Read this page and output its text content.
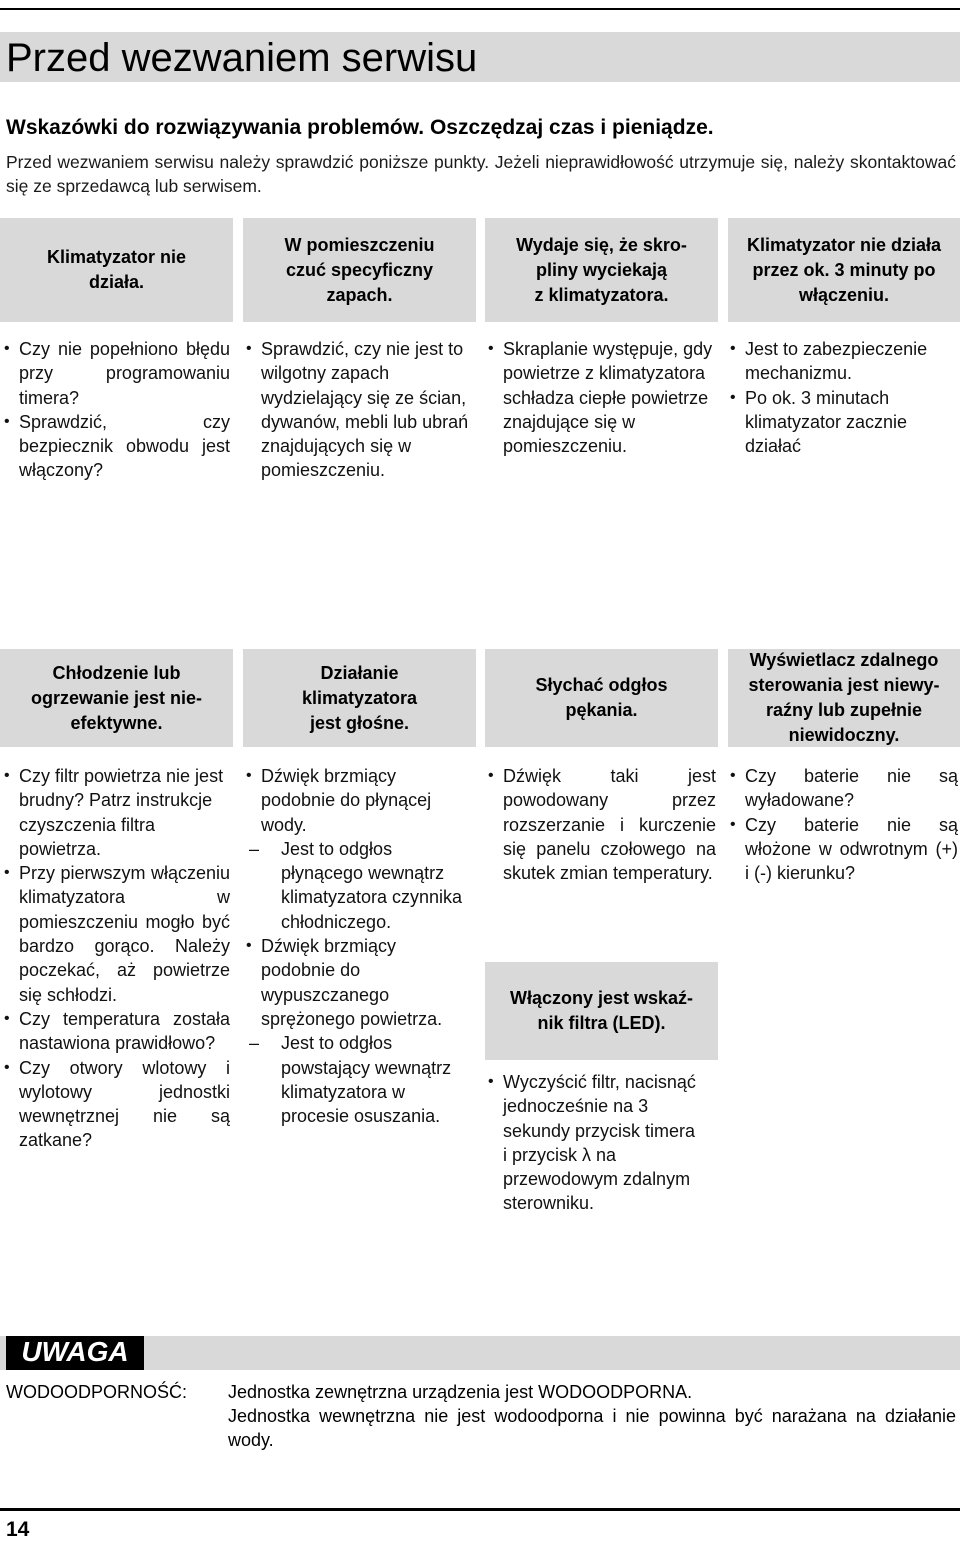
Przed wezwaniem serwisu

Wskazówki do rozwiązywania problemów. Oszczędzaj czas i pieniądze.

Przed wezwaniem serwisu należy sprawdzić poniższe punkty. Jeżeli nieprawidłowość utrzymuje się, należy skontaktować się ze sprzedawcą lub serwisem.

Klimatyzator nie
działa.
W pomieszczeniu
czuć specyficzny
zapach.
Wydaje się, że skro-
pliny wyciekają
z klimatyzatora.
Klimatyzator nie działa
przez ok. 3 minuty po
włączeniu.
• Czy nie popełniono błędu przy programowaniu timera?
• Sprawdzić, czy bezpiecznik obwodu jest włączony?
• Sprawdzić, czy nie jest to wilgotny zapach wydzielający się ze ścian, dywanów, mebli lub ubrań znajdujących się w pomieszczeniu.
• Skraplanie występuje, gdy powietrze z klimatyzatora schładza ciepłe powietrze znajdujące się w pomieszczeniu.
• Jest to zabezpieczenie mechanizmu.
• Po ok. 3 minutach klimatyzator zacznie działać
Chłodzenie lub
ogrzewanie jest nie-
efektywne.
Działanie
klimatyzatora
jest głośne.
Słychać odgłos
pękania.
Wyświetlacz zdalnego
sterowania jest niewy-
raźny lub zupełnie
niewidoczny.
• Czy filtr powietrza nie jest brudny? Patrz instrukcje czyszczenia filtra powietrza.
• Przy pierwszym włączeniu klimatyzatora w pomieszczeniu mogło być bardzo gorąco. Należy poczekać, aż powietrze się schłodzi.
• Czy temperatura została nastawiona prawidłowo?
• Czy otwory wlotowy i wylotowy jednostki wewnętrznej nie są zatkane?
• Dźwięk brzmiący podobnie do płynącej wody.
– Jest to odgłos płynącego wewnątrz klimatyzatora czynnika chłodniczego.
• Dźwięk brzmiący podobnie do wypuszczanego sprężonego powietrza.
– Jest to odgłos powstający wewnątrz klimatyzatora w procesie osuszania.
• Dźwięk taki jest powodowany przez rozszerzanie i kurczenie się panelu czołowego na skutek zmian temperatury.
Włączony jest wskaź-
nik filtra (LED).
• Wyczyścić filtr, nacisnąć jednocześnie na 3 sekundy przycisk timera i przycisk λ na przewodowym zdalnym sterowniku.
• Czy baterie nie są wyładowane?
• Czy baterie nie są włożone w odwrotnym (+) i (-) kierunku?

UWAGA

WODOODPORNOŚĆ: Jednostka zewnętrzna urządzenia jest WODOODPORNA.

Jednostka wewnętrzna nie jest wodoodporna i nie powinna być narażana na działanie wody.

14
